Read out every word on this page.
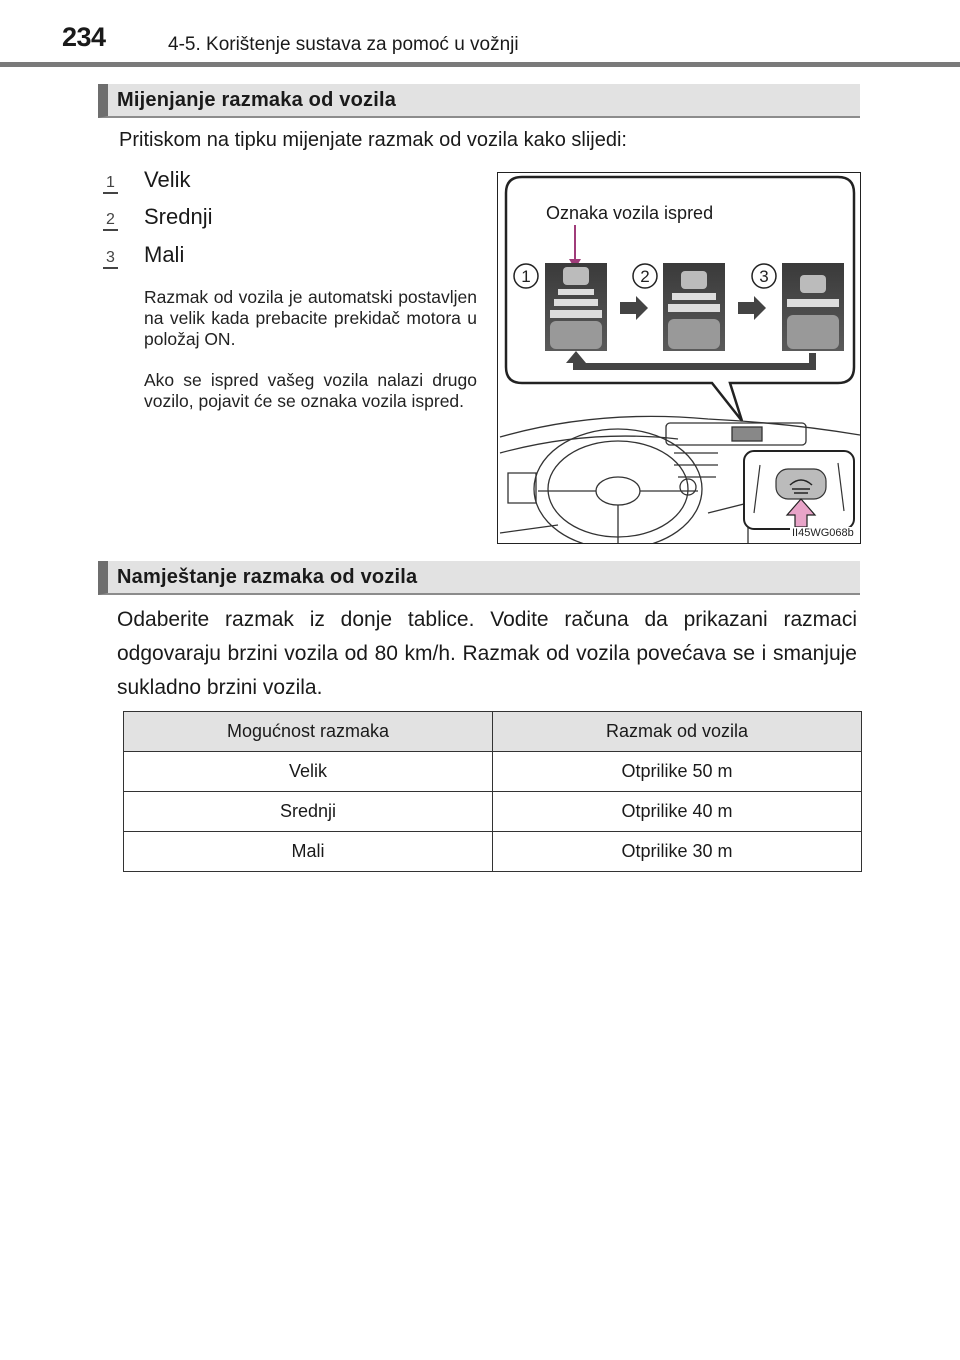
234	4-5. Korištenje sustava za pomoć u vožnji
Mijenjanje razmaka od vozila
Pritiskom na tipku mijenjate razmak od vozila kako slijedi:
1 Velik
2 Srednji
3 Mali
Razmak od vozila je automatski postavljen na velik kada prebacite prekidač motora u položaj ON.
Ako se ispred vašeg vozila nalazi drugo vozilo, pojavit će se oznaka vozila ispred.
1	2	3
Oznaka vozila ispred
II45WG068b
Namještanje razmaka od vozila
Odaberite razmak iz donje tablice. Vodite računa da prikazani razmaci odgovaraju brzini vozila od 80 km/h. Razmak od vozila povećava se i smanjuje sukladno brzini vozila.
Mogućnost razmaka	Razmak od vozila
Velik	Otprilike 50 m
Srednji	Otprilike 40 m
Mali	Otprilike 30 m
